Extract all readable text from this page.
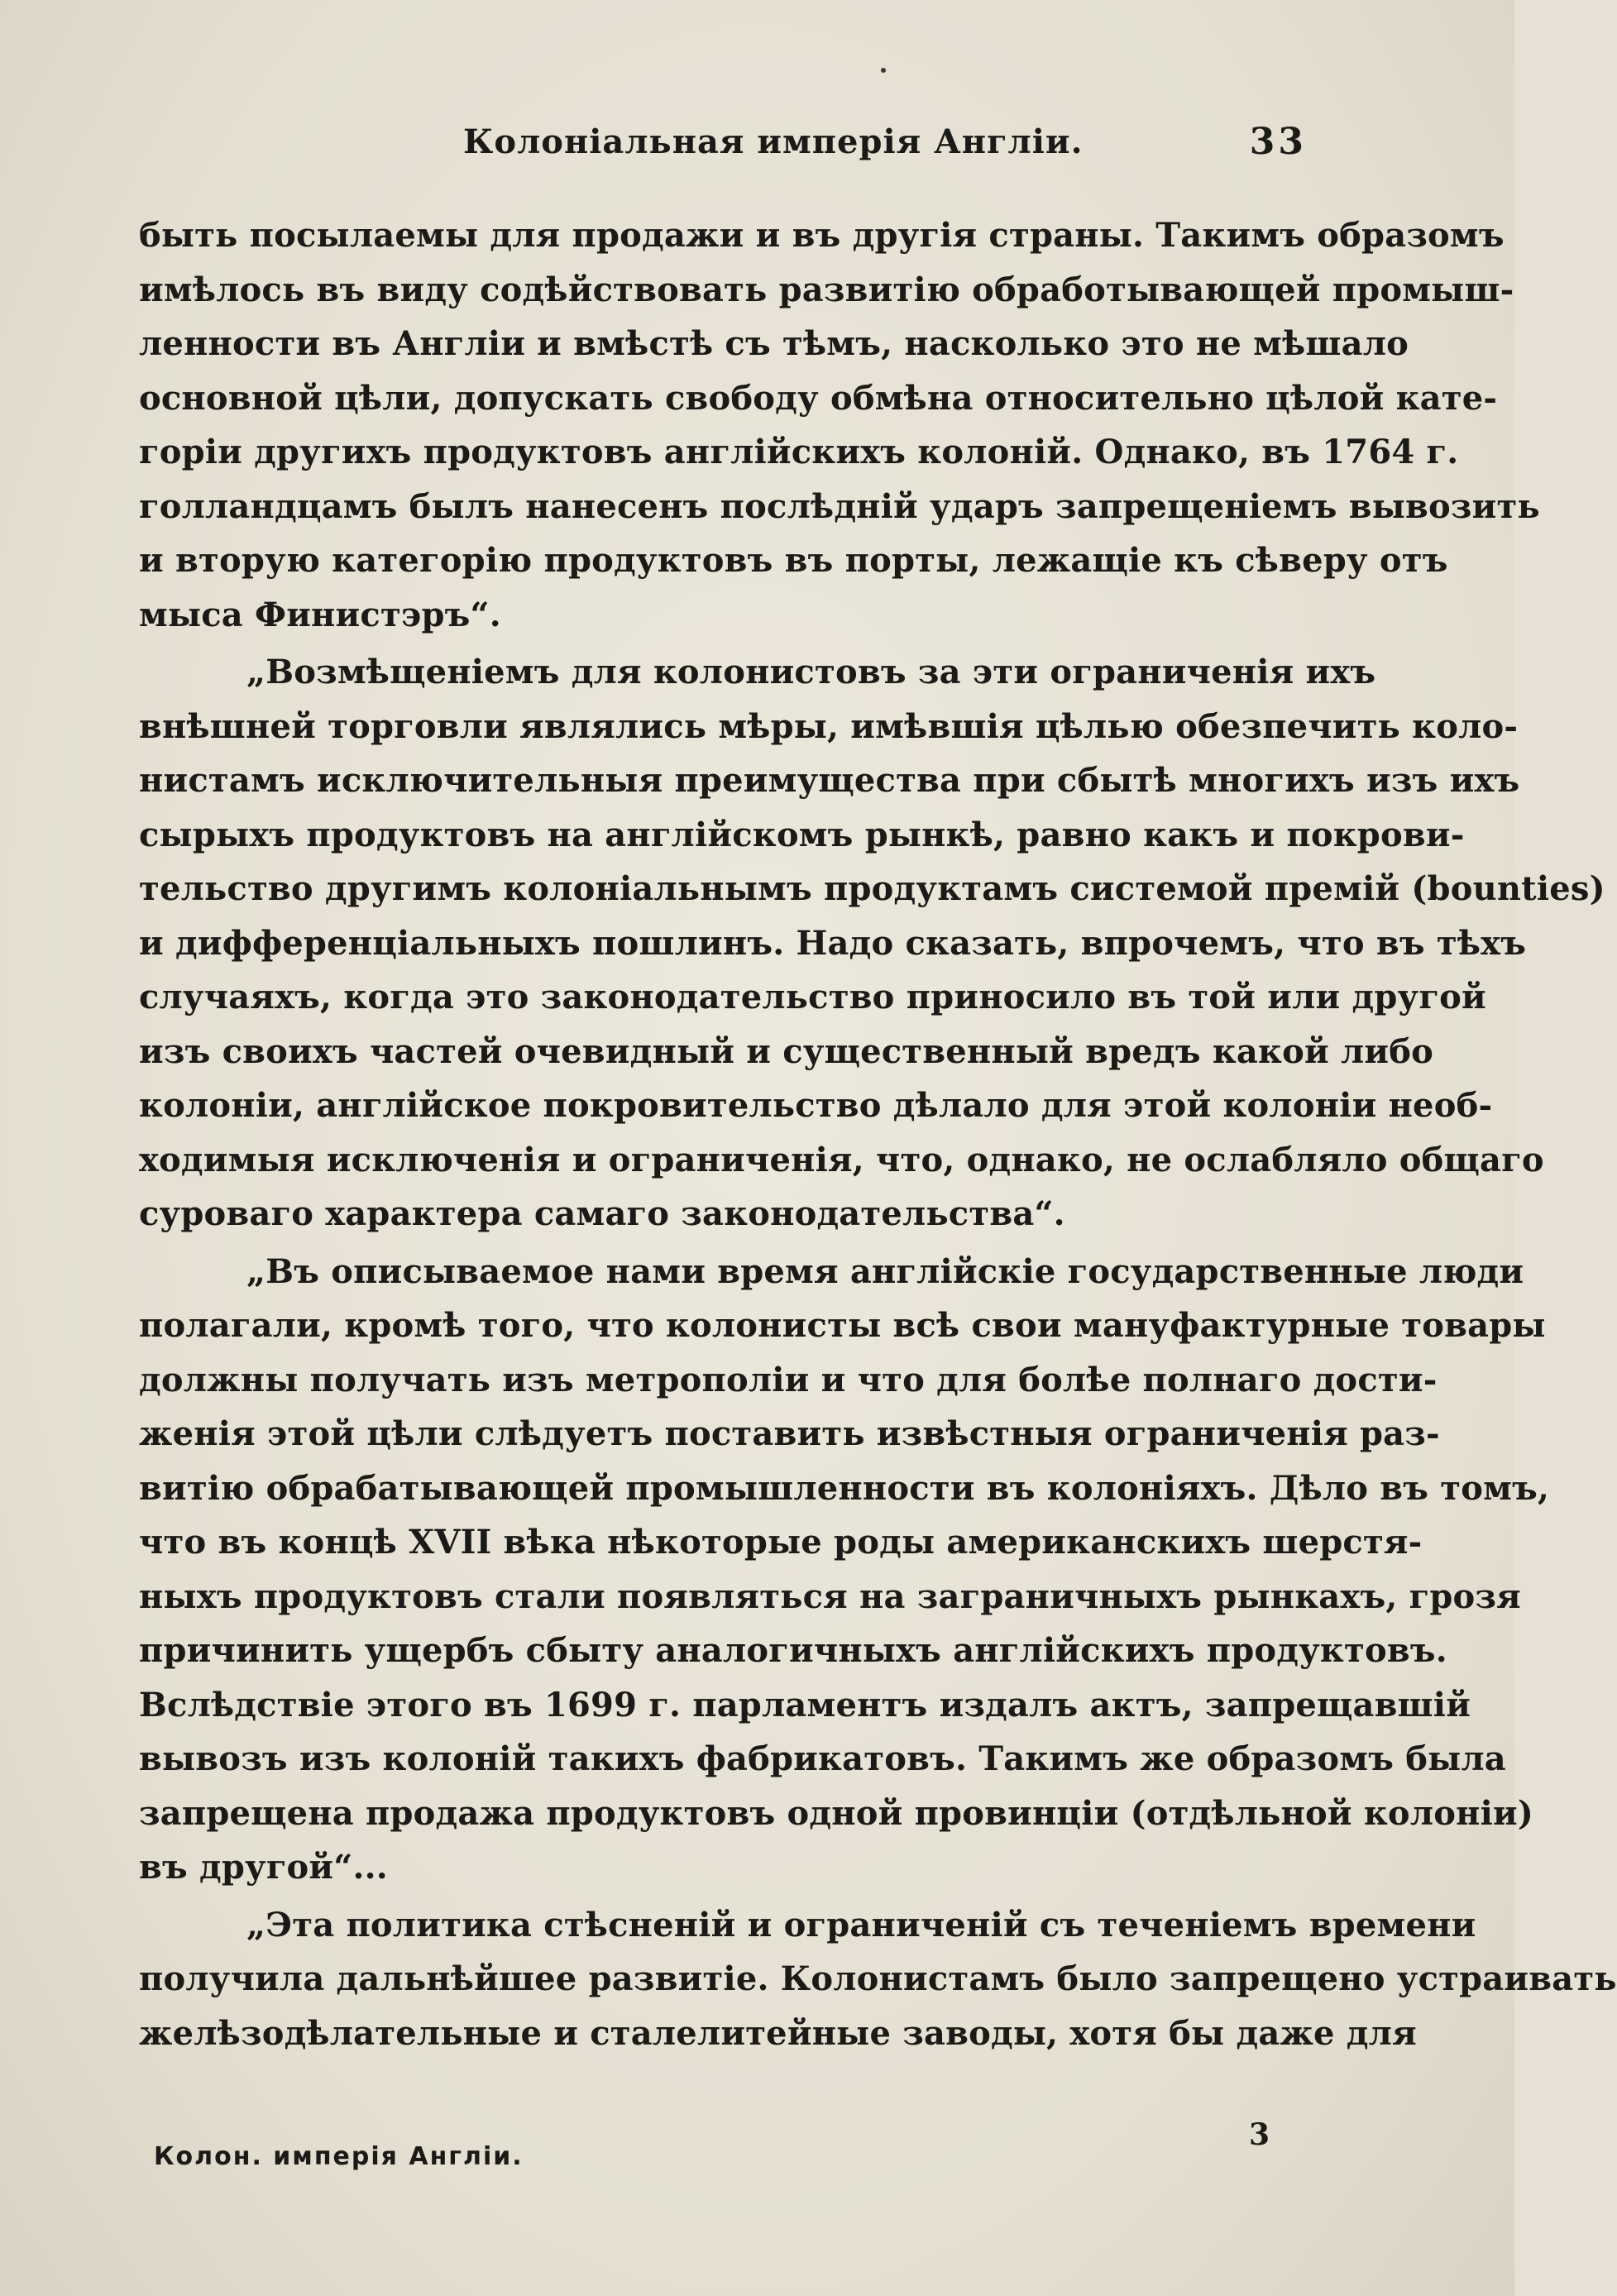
Колоніальная имперія Англіи.	33
быть посылаемы для продажи и въ другія страны. Такимъ образомъ
имѣлось въ виду содѣйствовать развитію обработывающей промыш-
ленности въ Англіи и вмѣстѣ съ тѣмъ, насколько это не мѣшало
основной цѣли, допускать свободу обмѣна относительно цѣлой кате-
горіи другихъ продуктовъ англійскихъ колоній. Однако, въ 1764 г.
голландцамъ былъ нанесенъ послѣдній ударъ запрещеніемъ вывозить
и вторую категорію продуктовъ въ порты, лежащіе къ сѣверу отъ
мыса Финистэръ“.
„Возмѣщеніемъ для колонистовъ за эти ограниченія ихъ
внѣшней торговли являлись мѣры, имѣвшія цѣлью обезпечить коло-
нистамъ исключительныя преимущества при сбытѣ многихъ изъ ихъ
сырыхъ продуктовъ на англійскомъ рынкѣ, равно какъ и покрови-
тельство другимъ колоніальнымъ продуктамъ системой премій (bounties)
и дифференціальныхъ пошлинъ. Надо сказать, впрочемъ, что въ тѣхъ
случаяхъ, когда это законодательство приносило въ той или другой
изъ своихъ частей очевидный и существенный вредъ какой либо
колоніи, англійское покровительство дѣлало для этой колоніи необ-
ходимыя исключенія и ограниченія, что, однако, не ослабляло общаго
суроваго характера самаго законодательства“.
„Въ описываемое нами время англійскіе государственные люди
полагали, кромѣ того, что колонисты всѣ свои мануфактурные товары
должны получать изъ метрополіи и что для болѣе полнаго дости-
женія этой цѣли слѣдуетъ поставить извѣстныя ограниченія раз-
витію обрабатывающей промышленности въ колоніяхъ. Дѣло въ томъ,
что въ концѣ XVII вѣка нѣкоторые роды американскихъ шерстя-
ныхъ продуктовъ стали появляться на заграничныхъ рынкахъ, грозя
причинить ущербъ сбыту аналогичныхъ англійскихъ продуктовъ.
Вслѣдствіе этого въ 1699 г. парламентъ издалъ актъ, запрещавшій
вывозъ изъ колоній такихъ фабрикатовъ. Такимъ же образомъ была
запрещена продажа продуктовъ одной провинціи (отдѣльной колоніи)
въ другой“...
„Эта политика стѣсненій и ограниченій съ теченіемъ времени
получила дальнѣйшее развитіе. Колонистамъ было запрещено устраивать
желѣзодѣлательные и сталелитейные заводы, хотя бы даже для
3
Колон. имперія Англіи.
